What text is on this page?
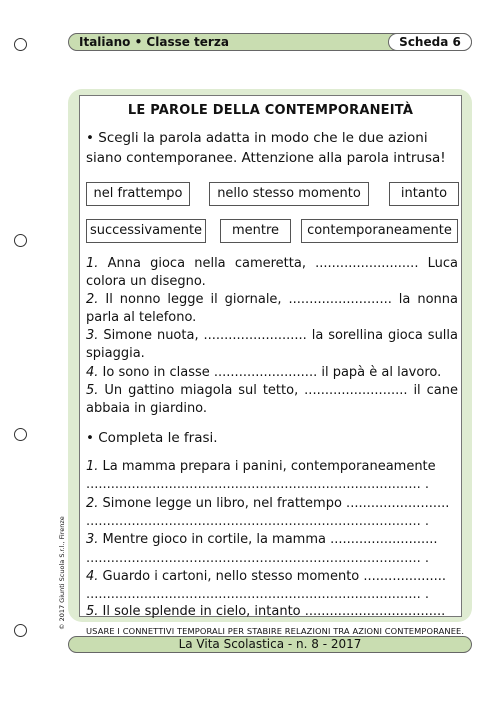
Italiano • Classe terza	Scheda 6
LE PAROLE DELLA CONTEMPORANEITÀ
• Scegli la parola adatta in modo che le due azioni
siano contemporanee. Attenzione alla parola intrusa!
nel frattempo	nello stesso momento	intanto
successivamente	mentre	contemporaneamente
1. Anna gioca nella cameretta, ......................... Luca colora un disegno.
2. Il nonno legge il giornale, ......................... la nonna parla al telefono.
3. Simone nuota, ......................... la sorellina gioca sulla spiaggia.
4. Io sono in classe ......................... il papà è al lavoro.
5. Un gattino miagola sul tetto, ......................... il cane abbaia in giardino.
• Completa le frasi.
1. La mamma prepara i panini, contemporaneamente
................................................................................. .
2. Simone legge un libro, nel frattempo .........................
................................................................................. .
3. Mentre gioco in cortile, la mamma ..........................
................................................................................. .
4. Guardo i cartoni, nello stesso momento ....................
................................................................................. .
5. Il sole splende in cielo, intanto ..................................
USARE I CONNETTIVI TEMPORALI PER STABIRE RELAZIONI TRA AZIONI CONTEMPORANEE.
La Vita Scolastica - n. 8 - 2017
© 2017 Giunti Scuola S.r.l., Firenze
